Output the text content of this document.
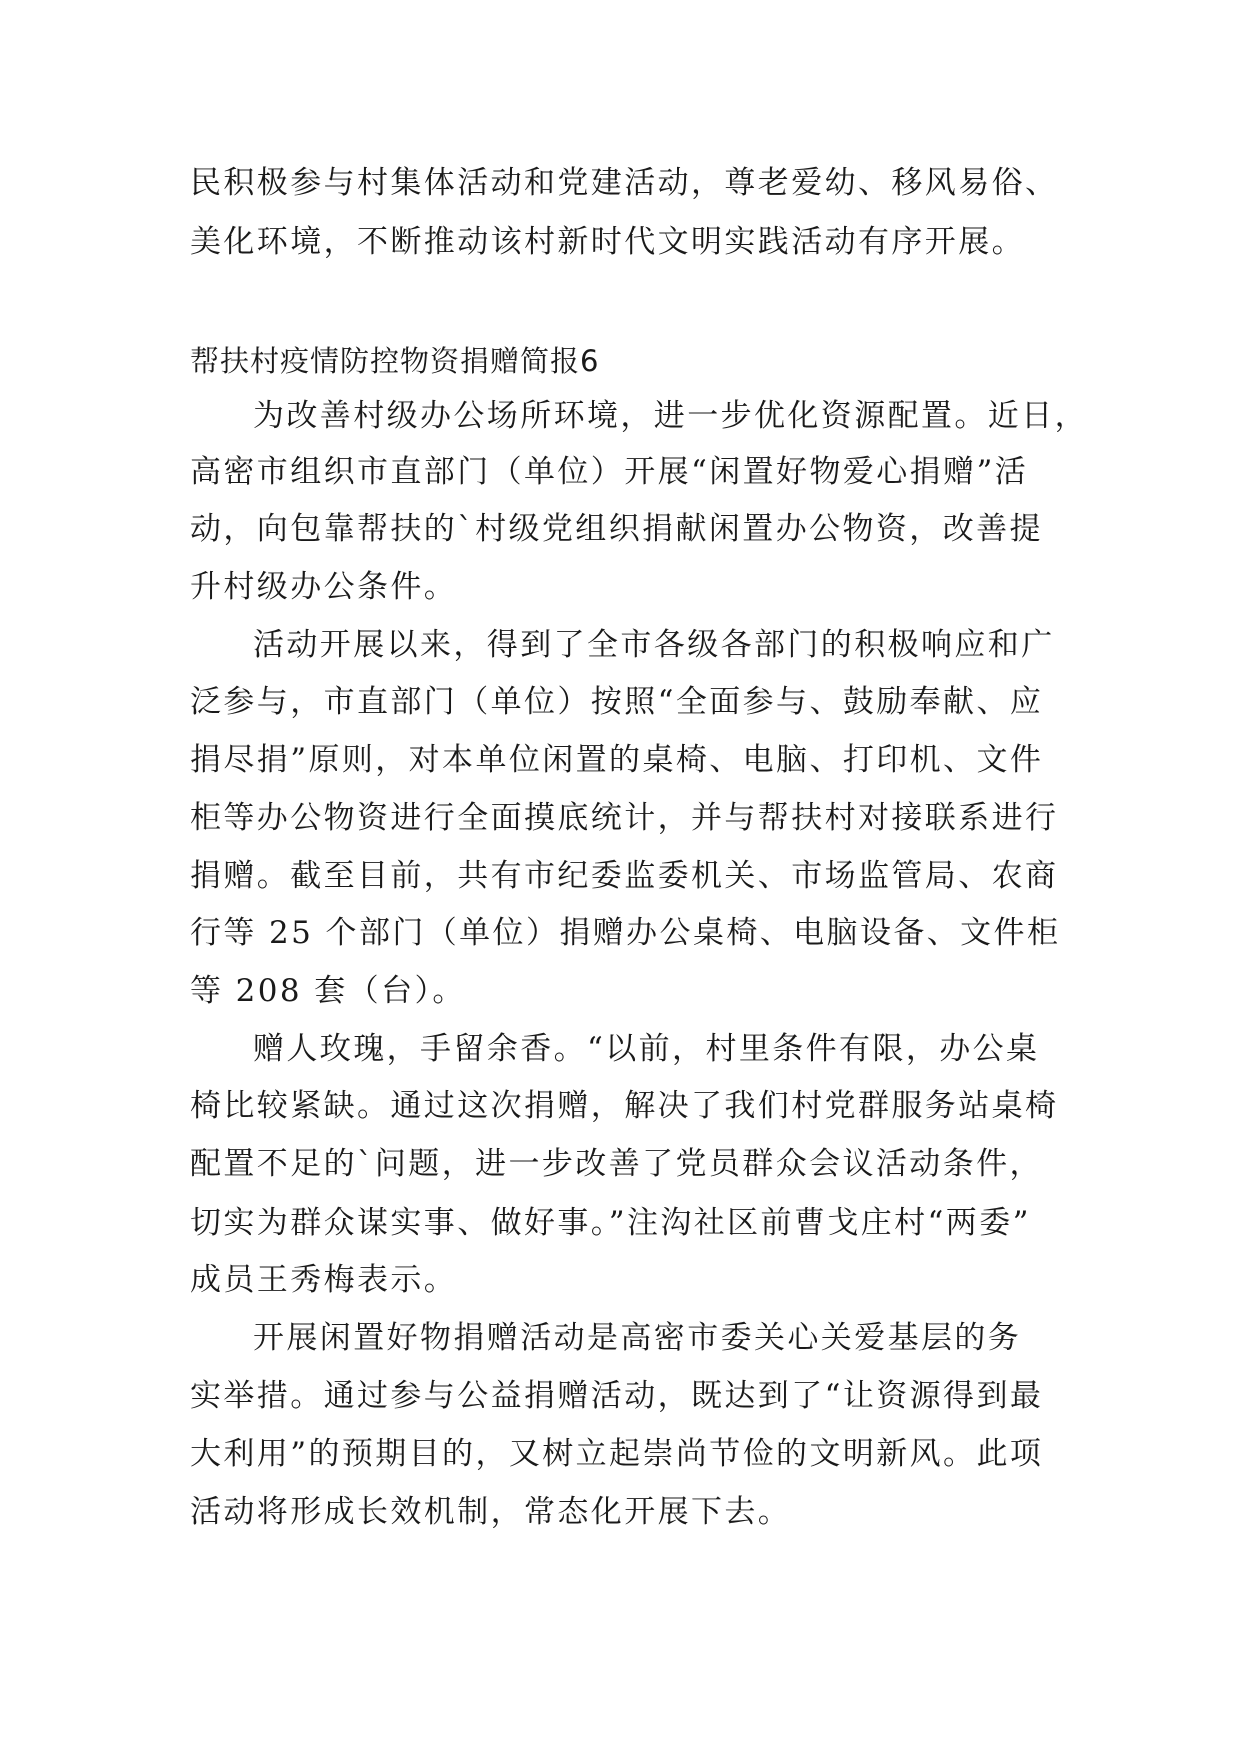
民积极参与村集体活动和党建活动，尊老爱幼、移风易俗、

美化环境，不断推动该村新时代文明实践活动有序开展。

帮扶村疫情防控物资捐赠简报6

为改善村级办公场所环境，进一步优化资源配置。近日，

高密市组织市直部门（单位）开展“闲置好物爱心捐赠”活

动，向包靠帮扶的`村级党组织捐献闲置办公物资，改善提

升村级办公条件。

活动开展以来，得到了全市各级各部门的积极响应和广

泛参与，市直部门（单位）按照“全面参与、鼓励奉献、应

捐尽捐”原则，对本单位闲置的桌椅、电脑、打印机、文件

柜等办公物资进行全面摸底统计，并与帮扶村对接联系进行

捐赠。截至目前，共有市纪委监委机关、市场监管局、农商

行等 25 个部门（单位）捐赠办公桌椅、电脑设备、文件柜

等 208 套（台）。

赠人玫瑰，手留余香。“以前，村里条件有限，办公桌

椅比较紧缺。通过这次捐赠，解决了我们村党群服务站桌椅

配置不足的`问题，进一步改善了党员群众会议活动条件，

切实为群众谋实事、做好事。”注沟社区前曹戈庄村“两委”

成员王秀梅表示。

开展闲置好物捐赠活动是高密市委关心关爱基层的务

实举措。通过参与公益捐赠活动，既达到了“让资源得到最

大利用”的预期目的，又树立起崇尚节俭的文明新风。此项

活动将形成长效机制，常态化开展下去。
